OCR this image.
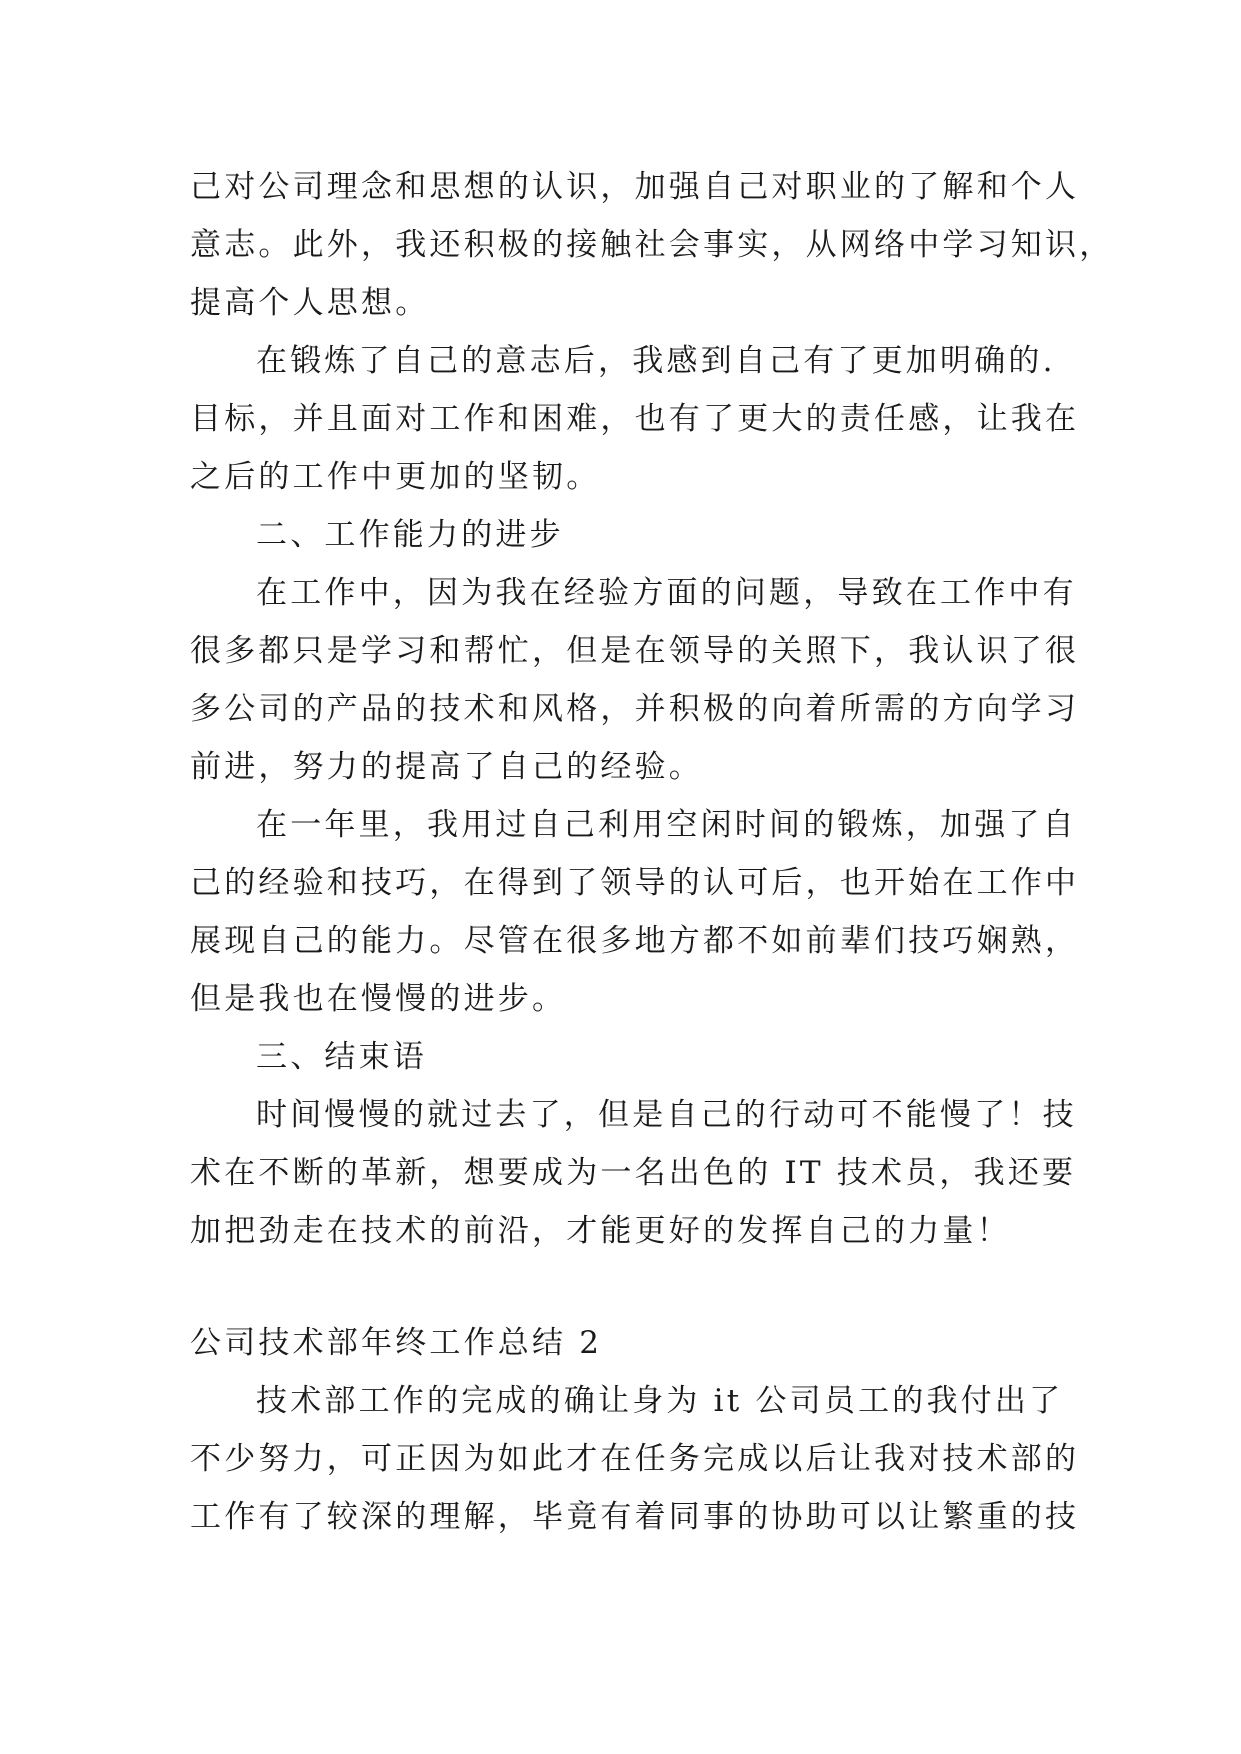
己对公司理念和思想的认识，加强自己对职业的了解和个人
意志。此外，我还积极的接触社会事实，从网络中学习知识，
提高个人思想。
在锻炼了自己的意志后，我感到自己有了更加明确的.
目标，并且面对工作和困难，也有了更大的责任感，让我在
之后的工作中更加的坚韧。
二、工作能力的进步
在工作中，因为我在经验方面的问题，导致在工作中有
很多都只是学习和帮忙，但是在领导的关照下，我认识了很
多公司的产品的技术和风格，并积极的向着所需的方向学习
前进，努力的提高了自己的经验。
在一年里，我用过自己利用空闲时间的锻炼，加强了自
己的经验和技巧，在得到了领导的认可后，也开始在工作中
展现自己的能力。尽管在很多地方都不如前辈们技巧娴熟，
但是我也在慢慢的进步。
三、结束语
时间慢慢的就过去了，但是自己的行动可不能慢了！技
术在不断的革新，想要成为一名出色的 IT 技术员，我还要
加把劲走在技术的前沿，才能更好的发挥自己的力量！
公司技术部年终工作总结 2
技术部工作的完成的确让身为 it 公司员工的我付出了
不少努力，可正因为如此才在任务完成以后让我对技术部的
工作有了较深的理解，毕竟有着同事的协助可以让繁重的技
